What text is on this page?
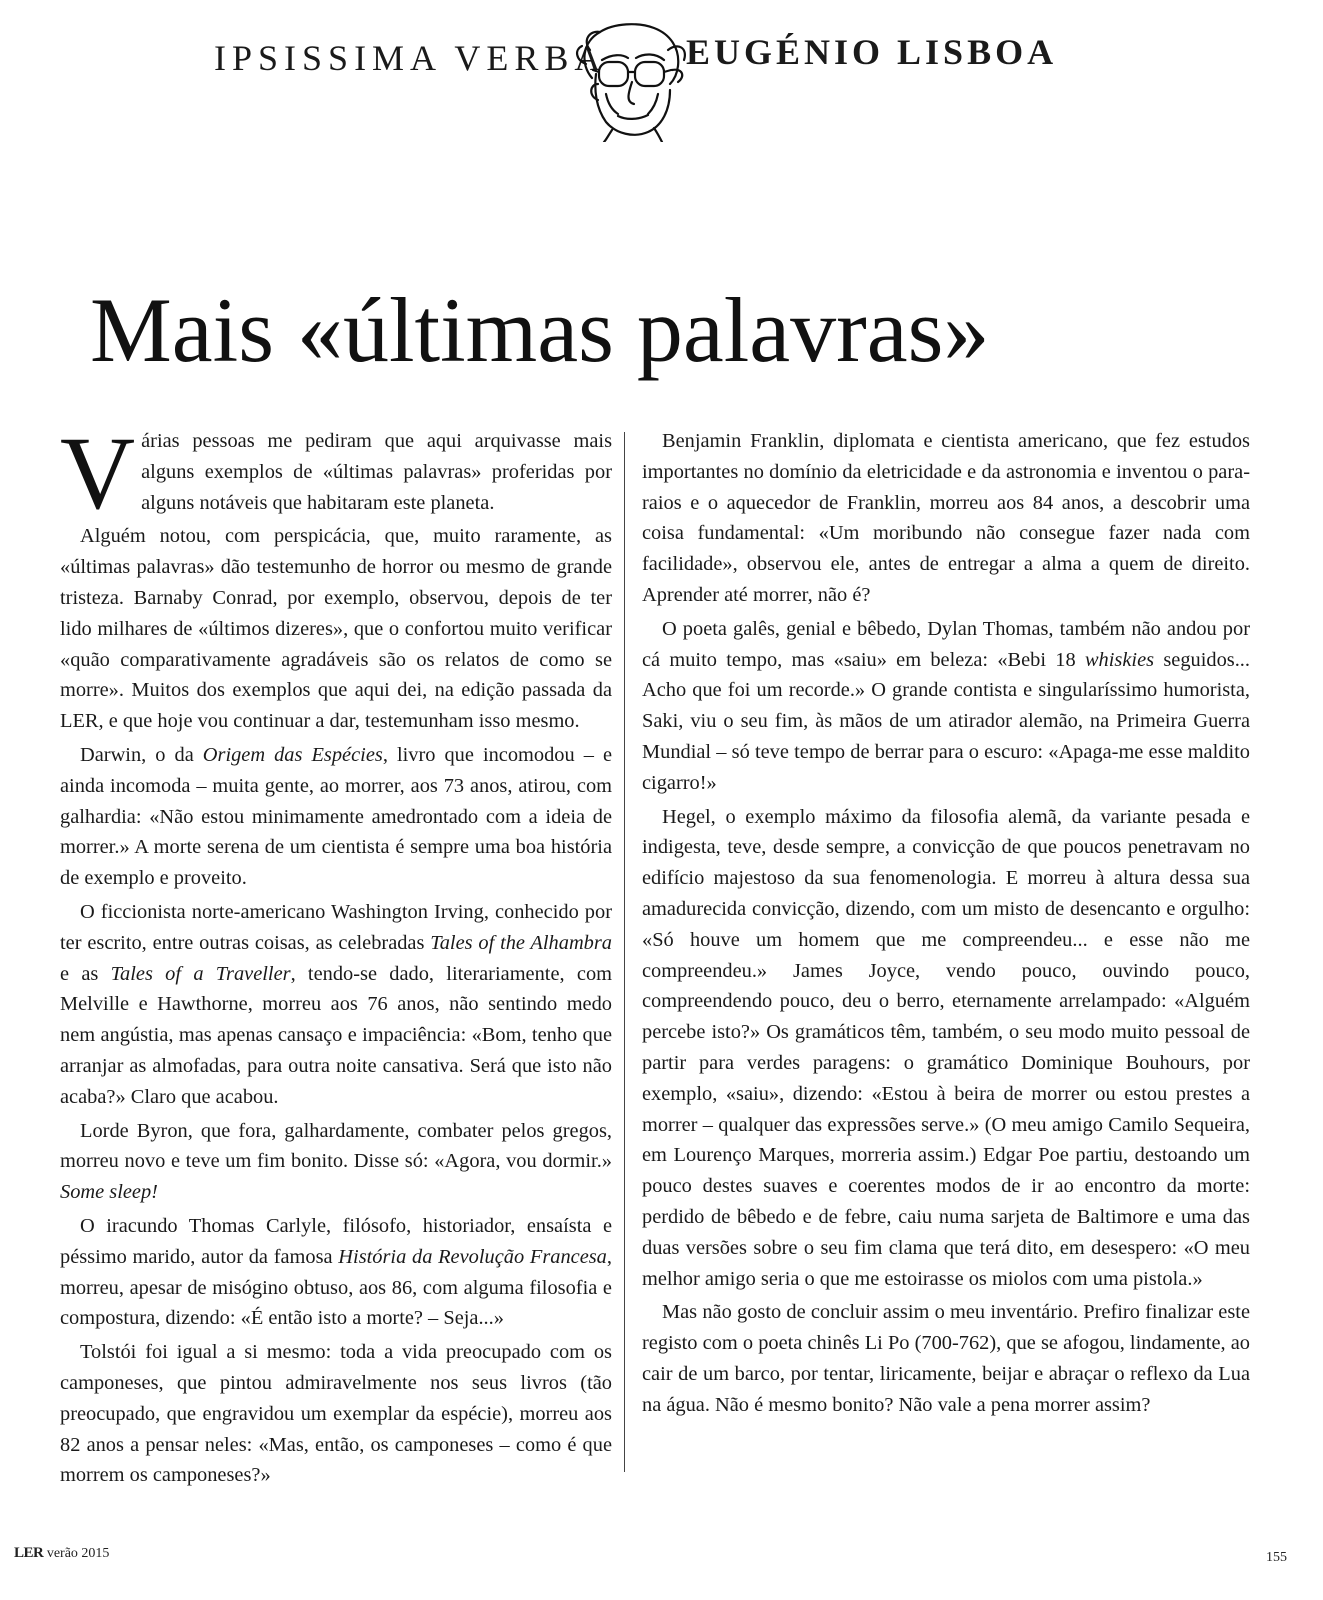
IPSISSIMA VERBA EUGÉNIO LISBOA
Mais «últimas palavras»

Várias pessoas me pediram que aqui arquivasse mais alguns exemplos de «últimas palavras» proferidas por alguns notáveis que habitaram este planeta.

Alguém notou, com perspicácia, que, muito raramente, as «últimas palavras» dão testemunho de horror ou mesmo de grande tristeza. Barnaby Conrad, por exemplo, observou, depois de ter lido milhares de «últimos dizeres», que o confortou muito verificar «quão comparativamente agradáveis são os relatos de como se morre». Muitos dos exemplos que aqui dei, na edição passada da LER, e que hoje vou continuar a dar, testemunham isso mesmo.

Darwin, o da Origem das Espécies, livro que incomodou – e ainda incomoda – muita gente, ao morrer, aos 73 anos, atirou, com galhardia: «Não estou minimamente amedrontado com a ideia de morrer.» A morte serena de um cientista é sempre uma boa história de exemplo e proveito.

O ficcionista norte-americano Washington Irving, conhecido por ter escrito, entre outras coisas, as celebradas Tales of the Alhambra e as Tales of a Traveller, tendo-se dado, literariamente, com Melville e Hawthorne, morreu aos 76 anos, não sentindo medo nem angústia, mas apenas cansaço e impaciência: «Bom, tenho que arranjar as almofadas, para outra noite cansativa. Será que isto não acaba?» Claro que acabou.

Lorde Byron, que fora, galhardamente, combater pelos gregos, morreu novo e teve um fim bonito. Disse só: «Agora, vou dormir.» Some sleep!

O iracundo Thomas Carlyle, filósofo, historiador, ensaísta e péssimo marido, autor da famosa História da Revolução Francesa, morreu, apesar de misógino obtuso, aos 86, com alguma filosofia e compostura, dizendo: «É então isto a morte? – Seja...»

Tolstói foi igual a si mesmo: toda a vida preocupado com os camponeses, que pintou admiravelmente nos seus livros (tão preocupado, que engravidou um exemplar da espécie), morreu aos 82 anos a pensar neles: «Mas, então, os camponeses – como é que morrem os camponeses?»

Benjamin Franklin, diplomata e cientista americano, que fez estudos importantes no domínio da eletricidade e da astronomia e inventou o para-raios e o aquecedor de Franklin, morreu aos 84 anos, a descobrir uma coisa fundamental: «Um moribundo não consegue fazer nada com facilidade», observou ele, antes de entregar a alma a quem de direito. Aprender até morrer, não é?

O poeta galês, genial e bêbedo, Dylan Thomas, também não andou por cá muito tempo, mas «saiu» em beleza: «Bebi 18 whiskies seguidos... Acho que foi um recorde.» O grande contista e singularíssimo humorista, Saki, viu o seu fim, às mãos de um atirador alemão, na Primeira Guerra Mundial – só teve tempo de berrar para o escuro: «Apaga-me esse maldito cigarro!»

Hegel, o exemplo máximo da filosofia alemã, da variante pesada e indigesta, teve, desde sempre, a convicção de que poucos penetravam no edifício majestoso da sua fenomenologia. E morreu à altura dessa sua amadurecida convicção, dizendo, com um misto de desencanto e orgulho: «Só houve um homem que me compreendeu... e esse não me compreendeu.» James Joyce, vendo pouco, ouvindo pouco, compreendendo pouco, deu o berro, eternamente arrelampado: «Alguém percebe isto?» Os gramáticos têm, também, o seu modo muito pessoal de partir para verdes paragens: o gramático Dominique Bouhours, por exemplo, «saiu», dizendo: «Estou à beira de morrer ou estou prestes a morrer – qualquer das expressões serve.» (O meu amigo Camilo Sequeira, em Lourenço Marques, morreria assim.) Edgar Poe partiu, destoando um pouco destes suaves e coerentes modos de ir ao encontro da morte: perdido de bêbedo e de febre, caiu numa sarjeta de Baltimore e uma das duas versões sobre o seu fim clama que terá dito, em desespero: «O meu melhor amigo seria o que me estoirasse os miolos com uma pistola.»

Mas não gosto de concluir assim o meu inventário. Prefiro finalizar este registo com o poeta chinês Li Po (700-762), que se afogou, lindamente, ao cair de um barco, por tentar, liricamente, beijar e abraçar o reflexo da Lua na água. Não é mesmo bonito? Não vale a pena morrer assim?

LER verão 2015	155
